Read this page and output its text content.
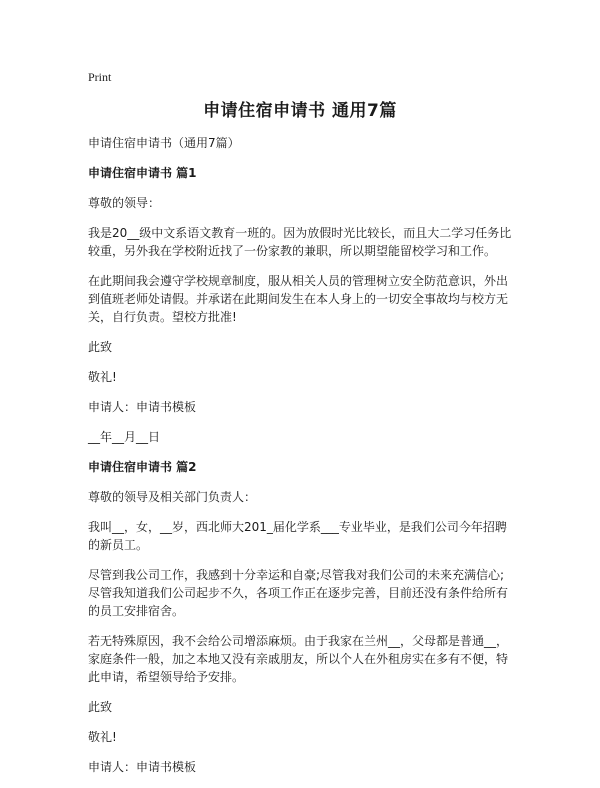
Print
申请住宿申请书 通用7篇

申请住宿申请书（通用7篇）

申请住宿申请书 篇1

尊敬的领导：

我是20__级中文系语文教育一班的。因为放假时光比较长，而且大二学习任务比较重，另外我在学校附近找了一份家教的兼职，所以期望能留校学习和工作。

在此期间我会遵守学校规章制度，服从相关人员的管理树立安全防范意识，外出到值班老师处请假。并承诺在此期间发生在本人身上的一切安全事故均与校方无关，自行负责。望校方批准!

此致

敬礼!

申请人：申请书模板

__年__月__日

申请住宿申请书 篇2

尊敬的领导及相关部门负责人：

我叫__，女，__岁，西北师大201_届化学系___专业毕业，是我们公司今年招聘的新员工。

尽管到我公司工作，我感到十分幸运和自豪;尽管我对我们公司的未来充满信心;尽管我知道我们公司起步不久，各项工作正在逐步完善，目前还没有条件给所有的员工安排宿舍。

若无特殊原因，我不会给公司增添麻烦。由于我家在兰州__，父母都是普通__，家庭条件一般，加之本地又没有亲戚朋友，所以个人在外租房实在多有不便，特此申请，希望领导给予安排。

此致

敬礼!

申请人：申请书模板
